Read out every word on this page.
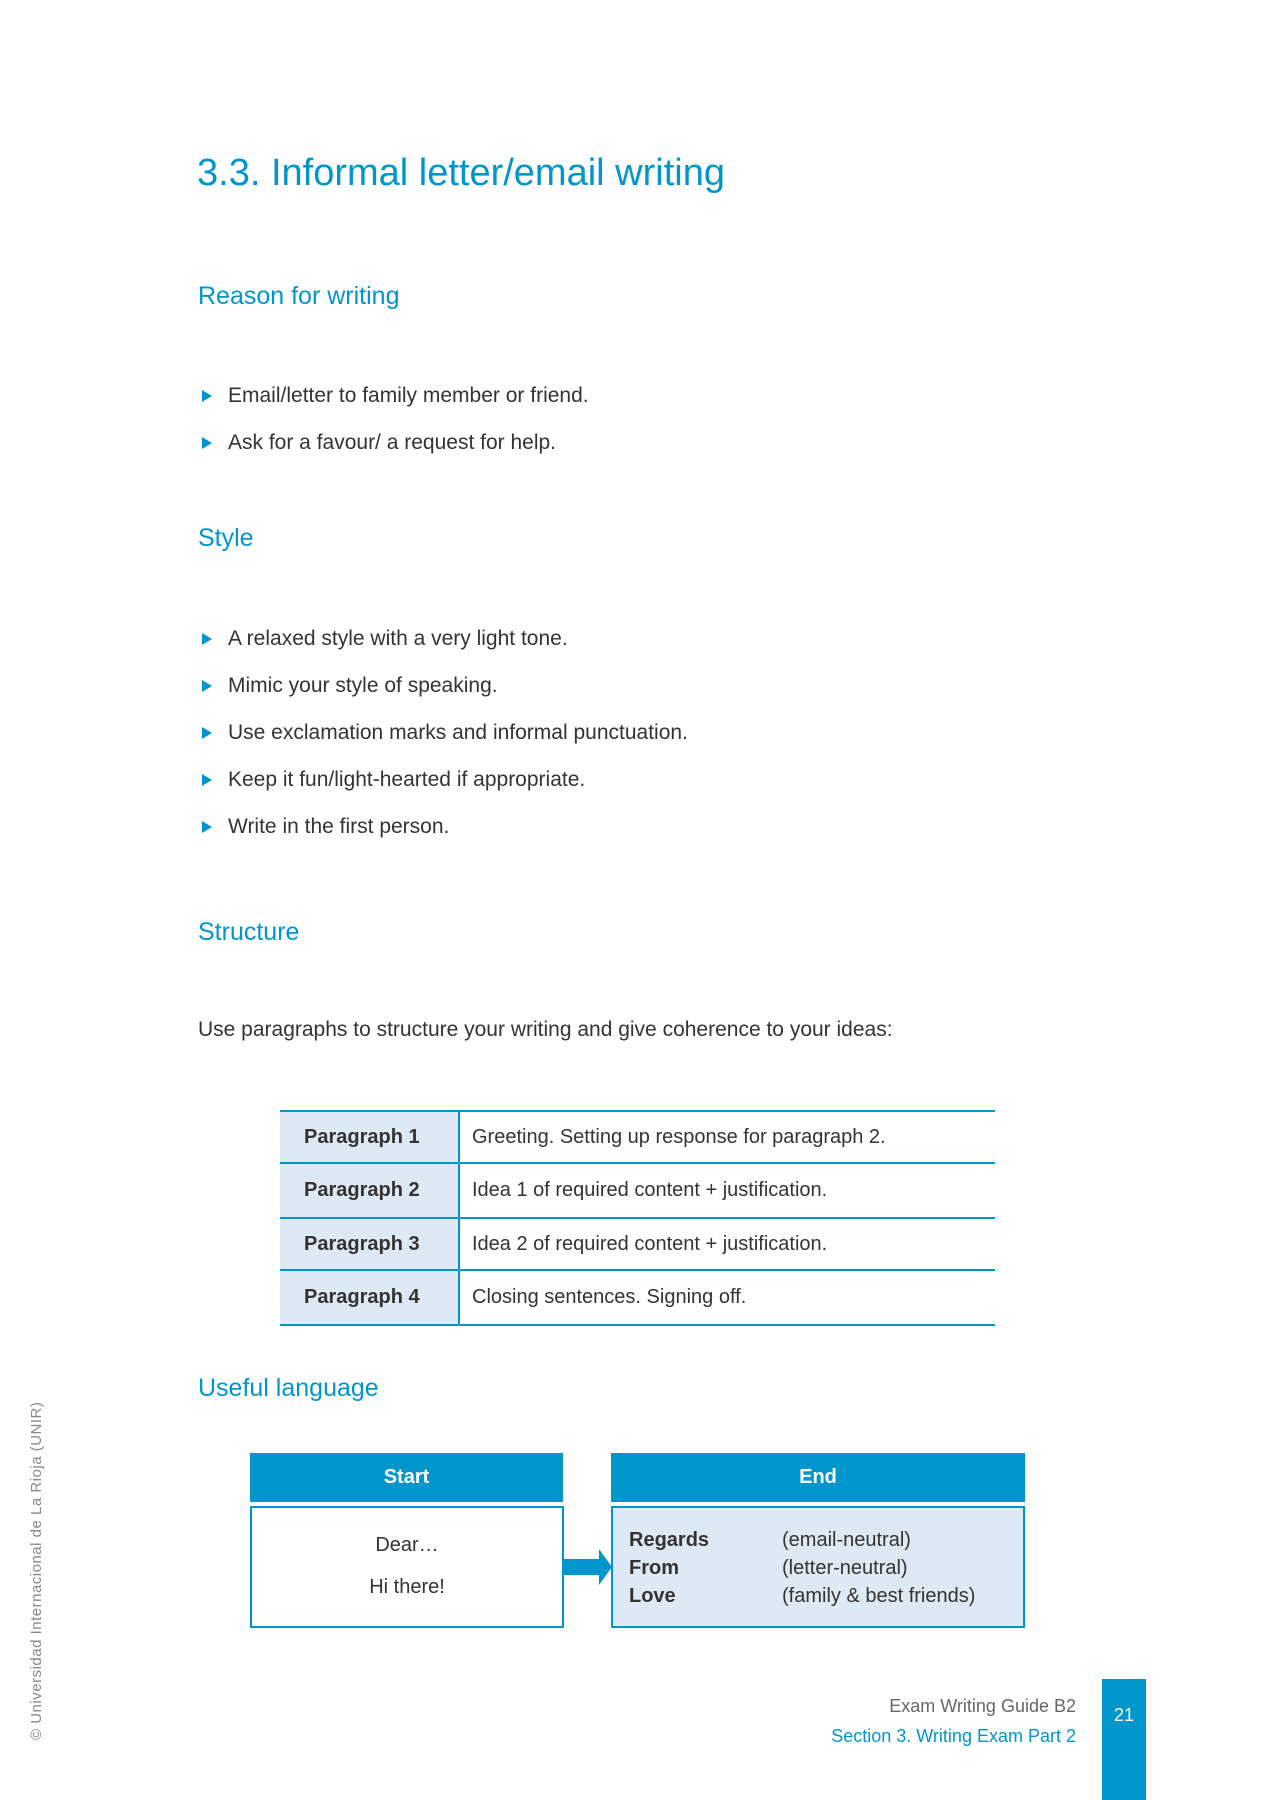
3.3. Informal letter/email writing
Reason for writing
Email/letter to family member or friend.
Ask for a favour/ a request for help.
Style
A relaxed style with a very light tone.
Mimic your style of speaking.
Use exclamation marks and informal punctuation.
Keep it fun/light-hearted if appropriate.
Write in the first person.
Structure
Use paragraphs to structure your writing and give coherence to your ideas:
Paragraph 1	Greeting. Setting up response for paragraph 2.
Paragraph 2	Idea 1 of required content + justification.
Paragraph 3	Idea 2 of required content + justification.
Paragraph 4	Closing sentences. Signing off.
Useful language
Start
Dear…
Hi there!
End
Regards	(email-neutral)
From	(letter-neutral)
Love	(family & best friends)
Exam Writing Guide B2
Section 3. Writing Exam Part 2
21
© Universidad Internacional de La Rioja (UNIR)
